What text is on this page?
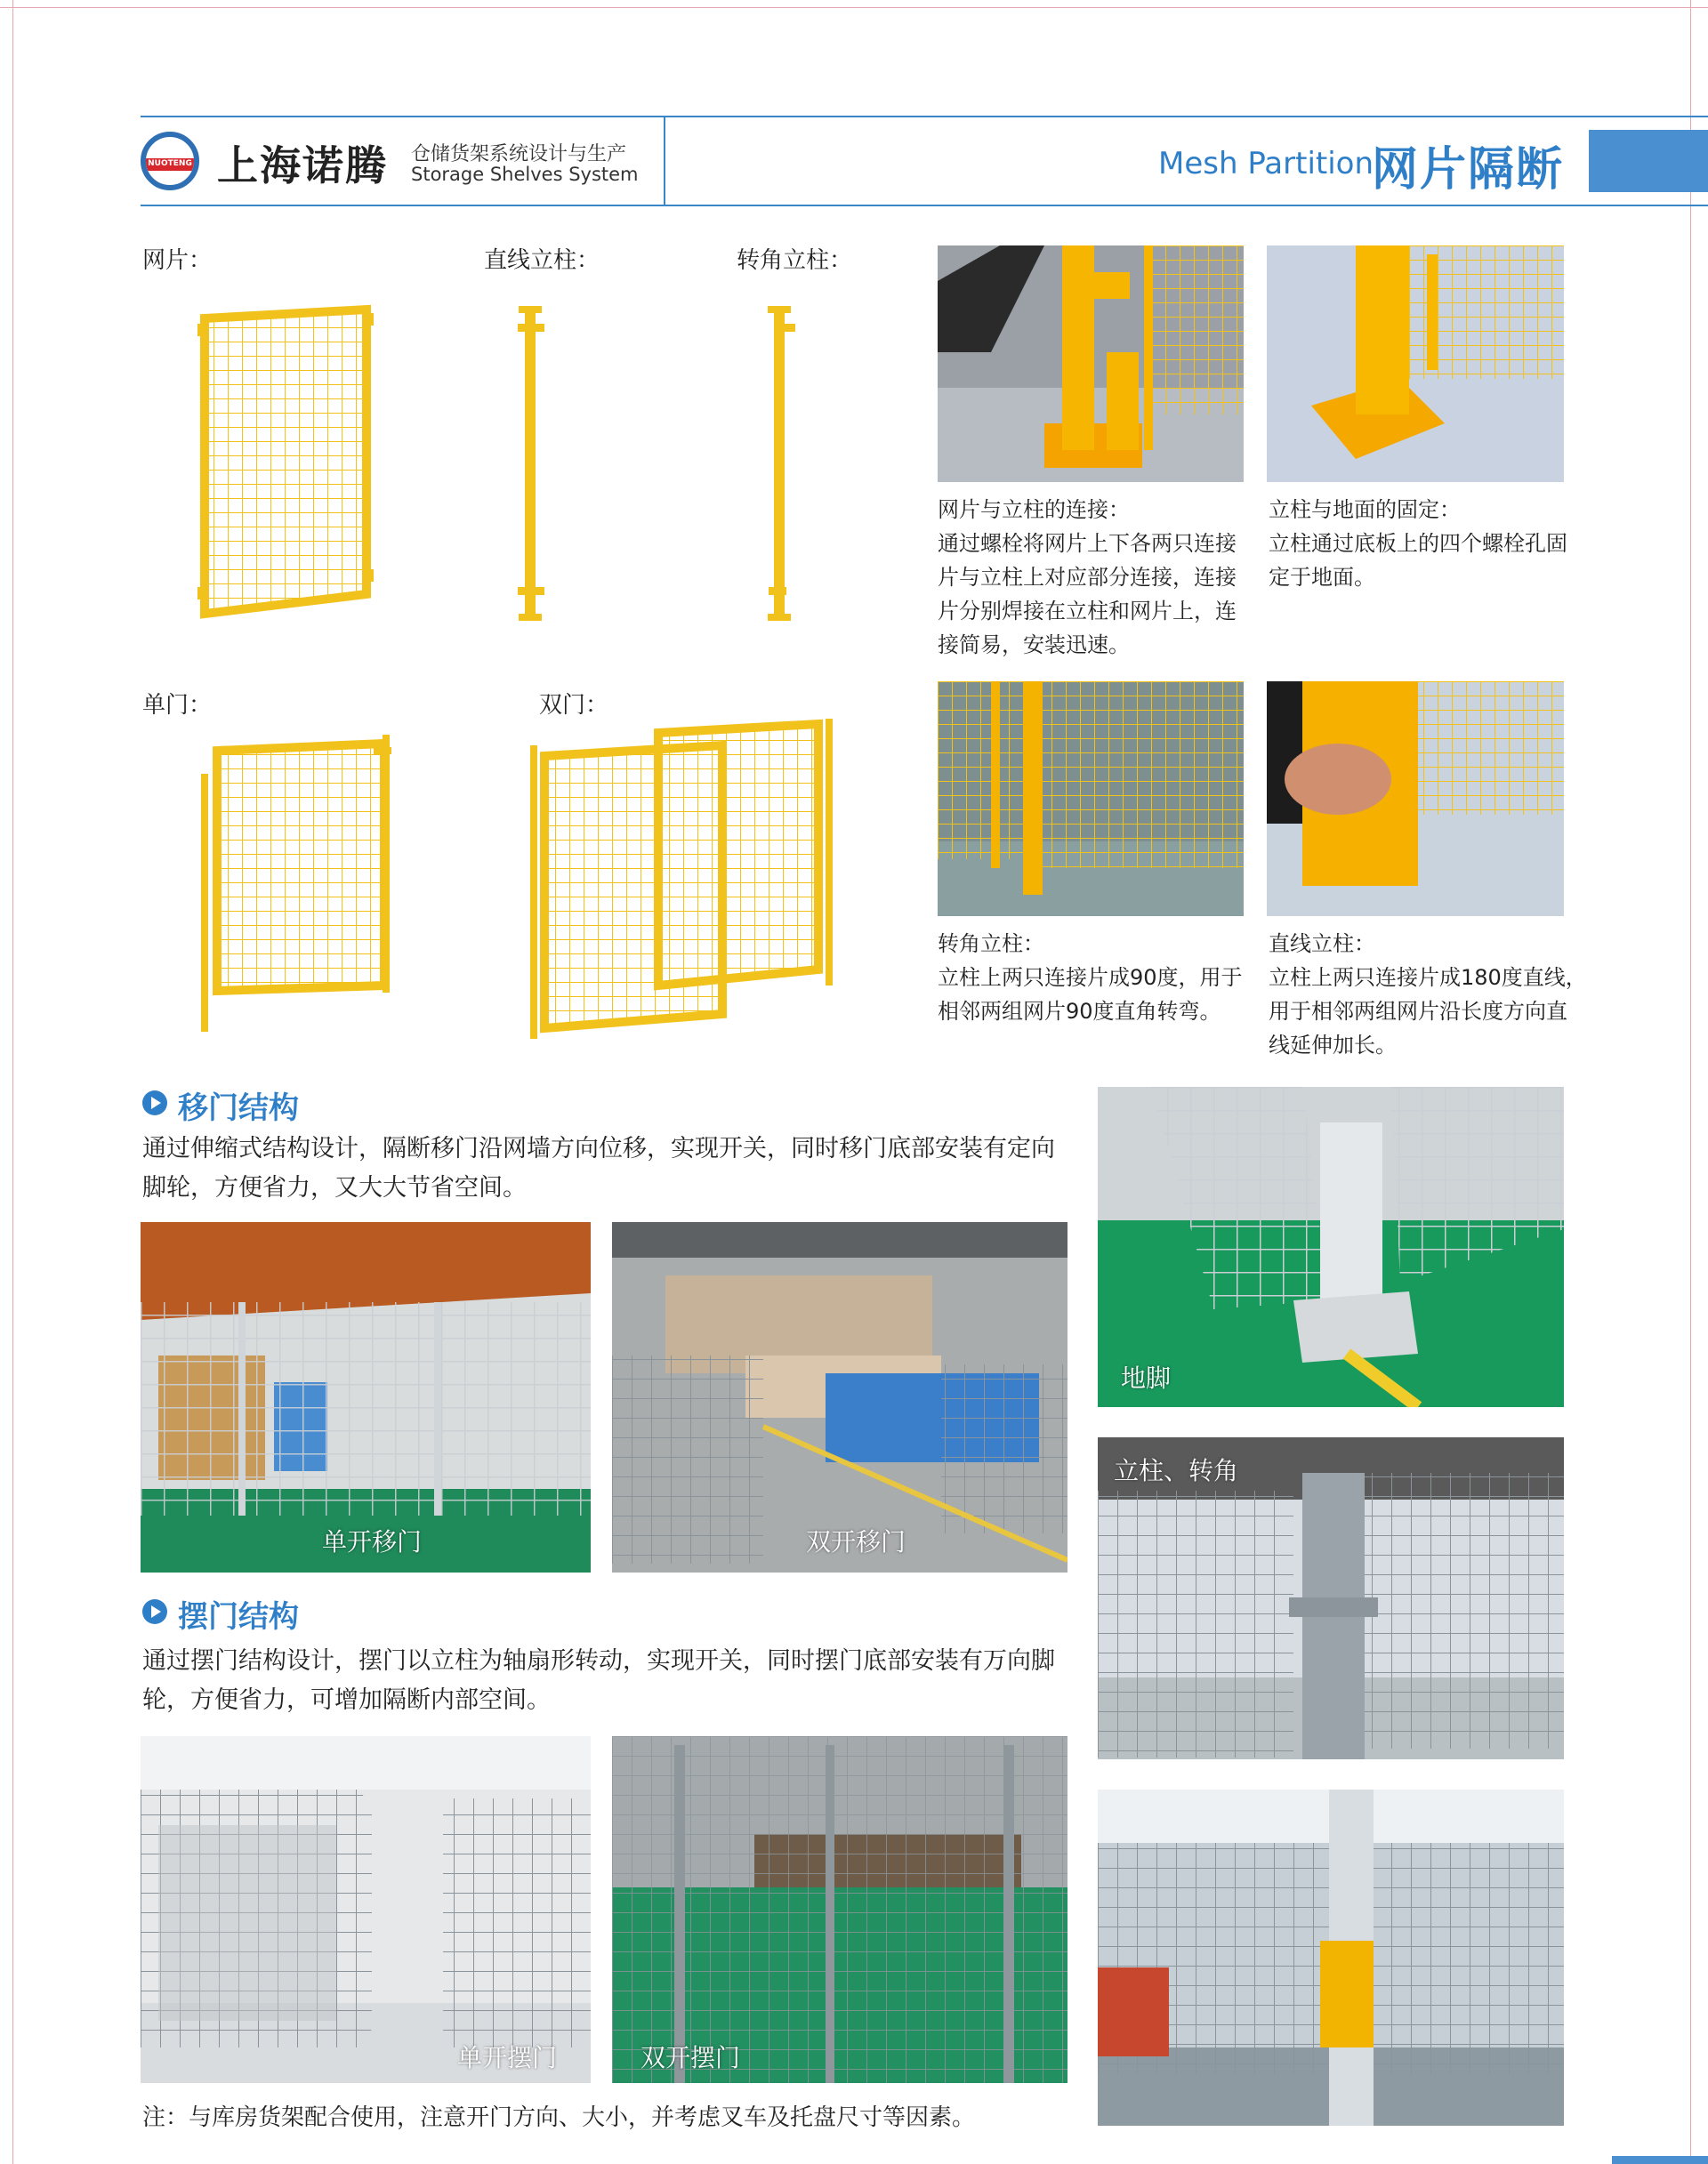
NUOTENG 上海诺腾 仓储货架系统设计与生产
Storage Shelves System	Mesh Partition
网片隔断
网片：	直线立柱：	转角立柱：
单门：	双门：
网片与立柱的连接：
通过螺栓将网片上下各两只连接
片与立柱上对应部分连接，连接
片分别焊接在立柱和网片上，连
接简易，安装迅速。
立柱与地面的固定：
立柱通过底板上的四个螺栓孔固
定于地面。
转角立柱：
立柱上两只连接片成90度，用于
相邻两组网片90度直角转弯。
直线立柱：
立柱上两只连接片成180度直线，
用于相邻两组网片沿长度方向直
线延伸加长。
移门结构
通过伸缩式结构设计，隔断移门沿网墙方向位移，实现开关，同时移门底部安装有定向
脚轮，方便省力，又大大节省空间。
单开移门	双开移门
摆门结构
通过摆门结构设计，摆门以立柱为轴扇形转动，实现开关，同时摆门底部安装有万向脚
轮，方便省力，可增加隔断内部空间。
单开摆门	双开摆门
地脚
立柱、转角
注：与库房货架配合使用，注意开门方向、大小，并考虑叉车及托盘尺寸等因素。
